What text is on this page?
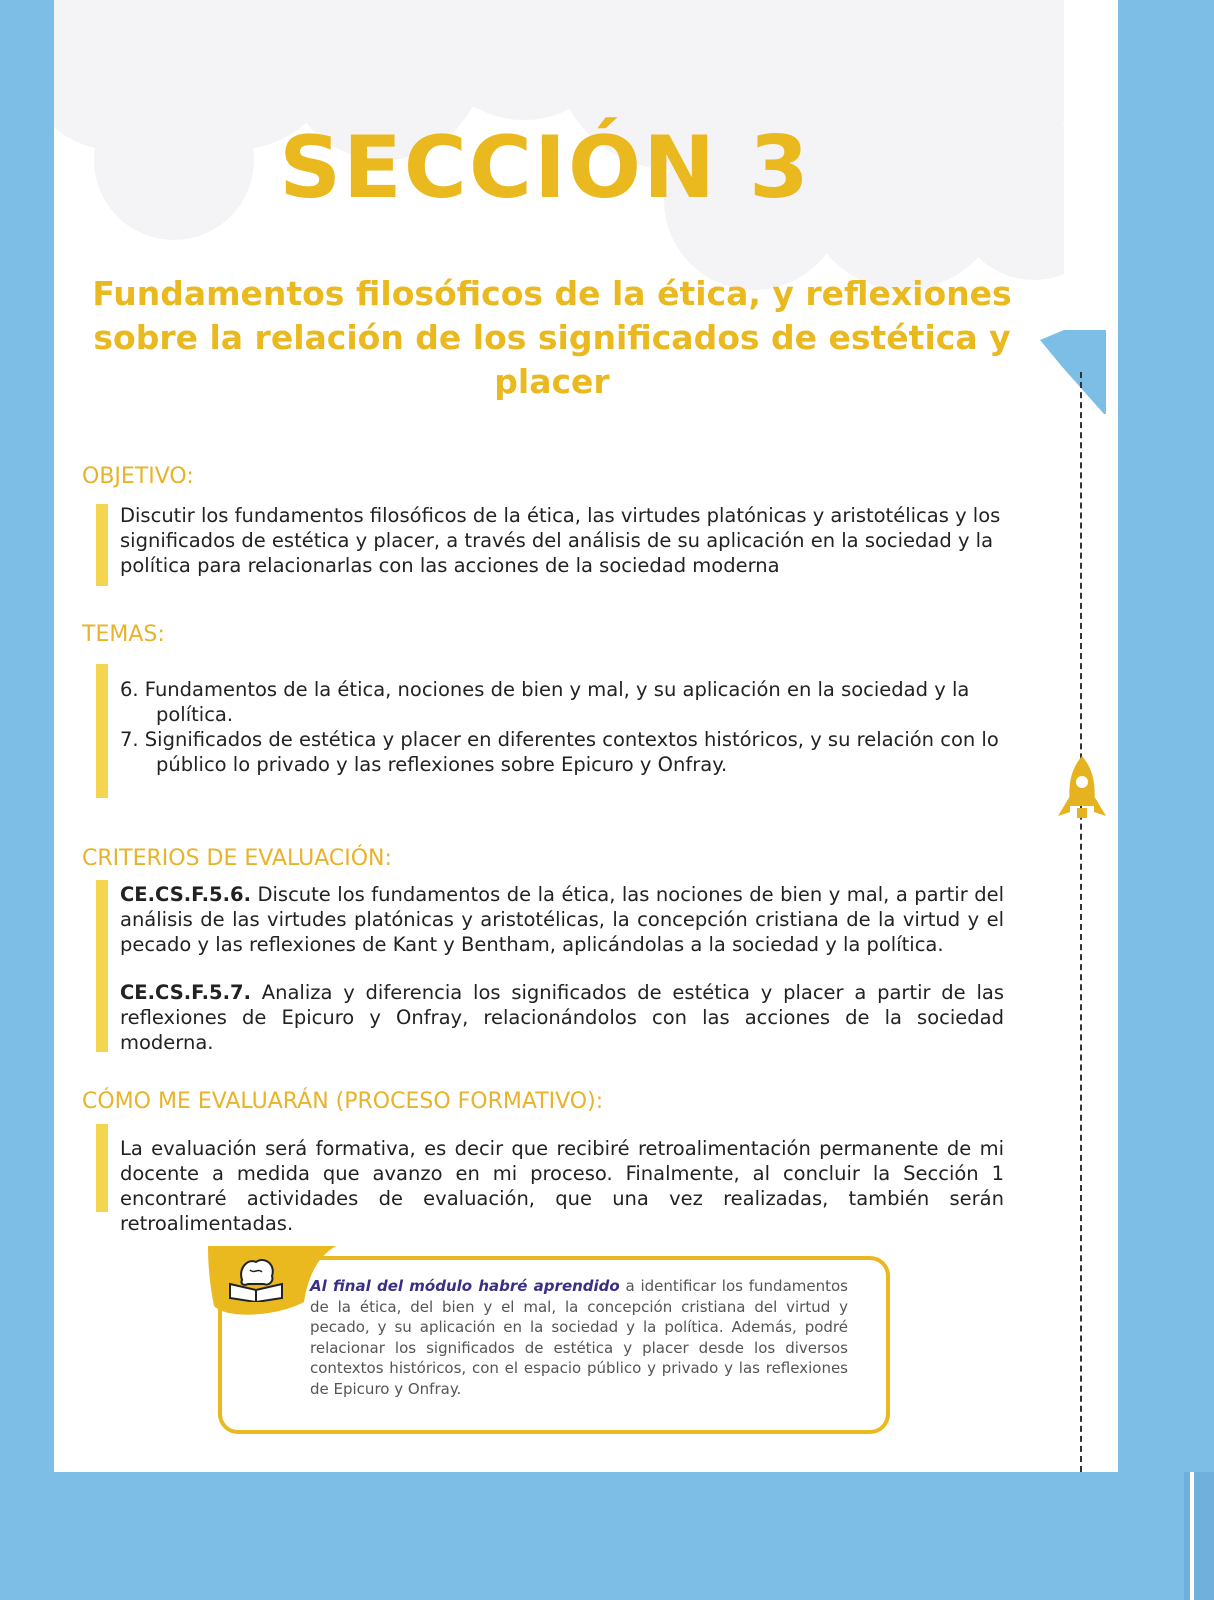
SECCIÓN 3
Fundamentos filosóficos de la ética, y reflexiones sobre la relación de los significados de estética y placer
OBJETIVO:

Discutir los fundamentos filosóficos de la ética, las virtudes platónicas y aristotélicas y los significados de estética y placer, a través del análisis de su aplicación en la sociedad y la política para relacionarlas con las acciones de la sociedad moderna

TEMAS:
6. Fundamentos de la ética, nociones de bien y mal, y su aplicación en la sociedad y la política.
7. Significados de estética y placer en diferentes contextos históricos, y su relación con lo público lo privado y las reflexiones sobre Epicuro y Onfray.
CRITERIOS DE EVALUACIÓN:

CE.CS.F.5.6. Discute los fundamentos de la ética, las nociones de bien y mal, a partir del análisis de las virtudes platónicas y aristotélicas, la concepción cristiana de la virtud y el pecado y las reflexiones de Kant y Bentham, aplicándolas a la sociedad y la política.

CE.CS.F.5.7. Analiza y diferencia los significados de estética y placer a partir de las reflexiones de Epicuro y Onfray, relacionándolos con las acciones de la sociedad moderna.

CÓMO ME EVALUARÁN (PROCESO FORMATIVO):

La evaluación será formativa, es decir que recibiré retroalimentación permanente de mi docente a medida que avanzo en mi proceso. Finalmente, al concluir la Sección 1 encontraré actividades de evaluación, que una vez realizadas, también serán retroalimentadas.

Al final del módulo habré aprendido a identificar los fundamentos de la ética, del bien y el mal, la concepción cristiana del virtud y pecado, y su aplicación en la sociedad y la política. Además, podré relacionar los significados de estética y placer desde los diversos contextos históricos, con el espacio público y privado y las reflexiones de Epicuro y Onfray.
